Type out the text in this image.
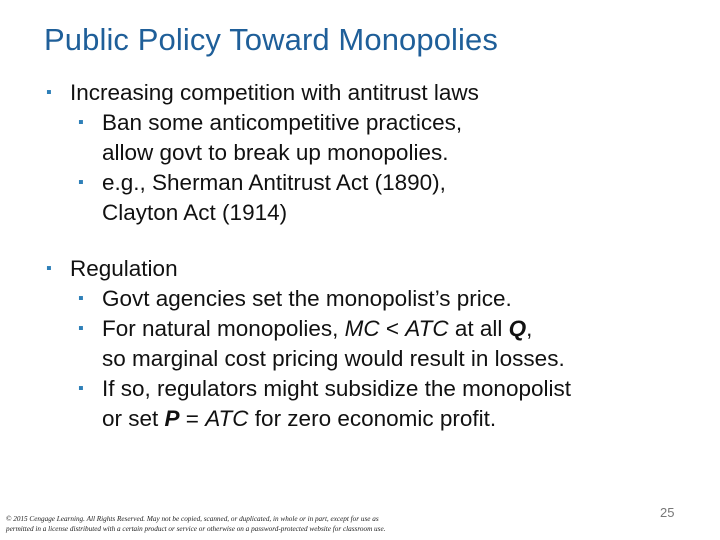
Public Policy Toward Monopolies
▪ Increasing competition with antitrust laws
▪ Ban some anticompetitive practices,
allow govt to break up monopolies.
▪ e.g., Sherman Antitrust Act (1890),
Clayton Act (1914)
▪ Regulation
▪ Govt agencies set the monopolist’s price.
▪ For natural monopolies, MC < ATC at all Q,
so marginal cost pricing would result in losses.
▪ If so, regulators might subsidize the monopolist
or set P = ATC for zero economic profit.
© 2015 Cengage Learning. All Rights Reserved. May not be copied, scanned, or duplicated, in whole or in part, except for use as
permitted in a license distributed with a certain product or service or otherwise on a password-protected website for classroom use.
25
